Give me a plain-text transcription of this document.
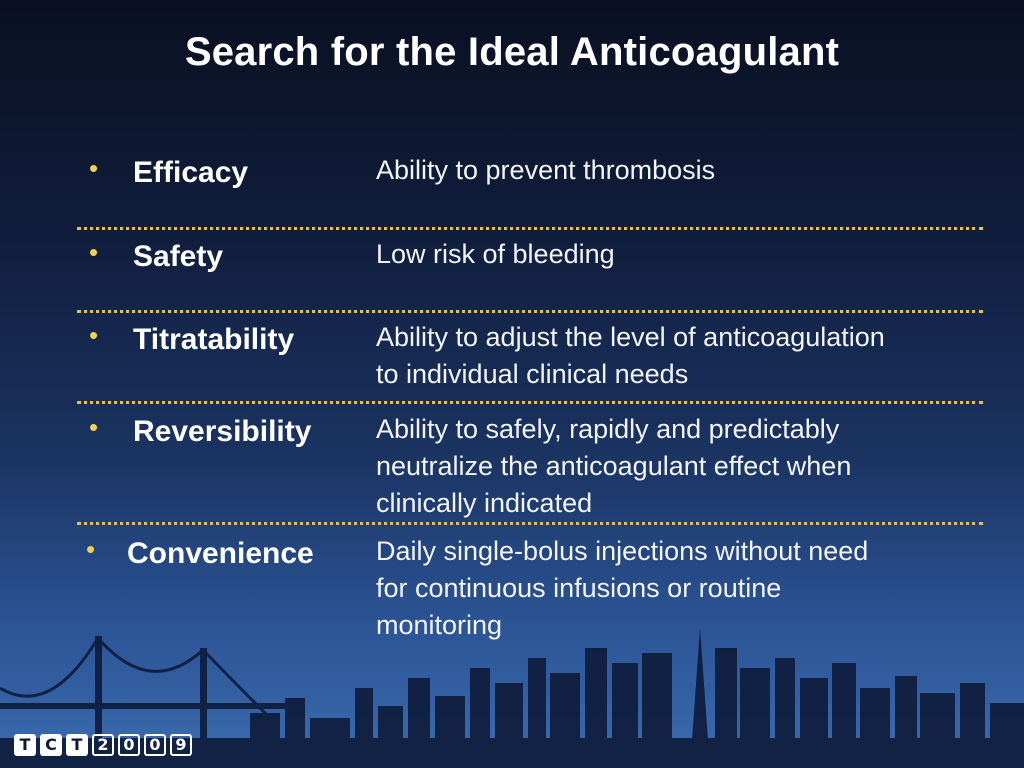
Search for the Ideal Anticoagulant
• Efficacy	Ability to prevent thrombosis
• Safety	Low risk of bleeding
• Titratability	Ability to adjust the level of anticoagulation
to individual clinical needs
• Reversibility Ability to safely, rapidly and predictably
neutralize the anticoagulant effect when
clinically indicated
• Convenience Daily single-bolus injections without need
for continuous infusions or routine
monitoring
T C T 2 0 0 9
